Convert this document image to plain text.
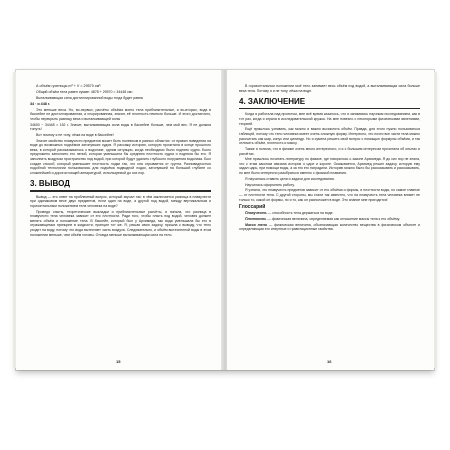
А объём гусеницы m³ + V = 29570 см³.
Общий объём тела равен сумме: 4878 + 29570 = 34448 см³.
Выталкивающая сила дистиллированной воды тогда будет равна
34 · и 448 г.
Это меньше веса. Но, во-первых, расчёты объёма моего тела приблизительные, а во-вторых, вода в бассейне не дистиллированная, а хлорированная, значит, её плотность немного больше. И этого достаточно, чтобы перекрыть разницу веса и выталкивающей силы
34600 − 34448 = 152 г. Значит, выталкивающая сила воды в бассейне больше, чем мой вес. Я не должна тонуть!
Вот почему я не тону, лёжа на воде в бассейне!
Значит свойство плавучести предметов может быть полезным в разных областях: от правил поведения на воде до возможных подъёмов затонувших судов. Я рассажу историю, которую прочитала в конце прошлого века, в которой рассказывалось о водолазе, одним ситуации, когда необходимо было поднять судно. Было предложено заполнить его пеной, которая уменьшила бы среднюю плотность судна и подняла бы его. Я заполнить воздухом пространство под водой, при которой будут удалить глубокого погружения водолаза. Был создан способ, который уменьшает плотность лодки так, что она отрывается от грунта. Разновидностью подобной технологии пользовались для подъёма подводной лодки, затонувшей на большой глубине со сложнейшей и дорогостоящей аппаратурой, используемой до сих пор.
3. ВЫВОД
Вывод — это ответ на проблемный вопрос, который звучал так: в чём заключается разница в плавучести при одинаковом весе двух предметов, если один на воде, а другой под водой, между вертикальным и горизонтальным положением тела человека на воде?
Проведя опыты, теоретические выкладки и приблизительные расчёты, я поняла, что разница в плавучести тела человека зависит от его плотности. Ради того, чтобы плыть под водой, человек должен менять объём и положение тела. В бассейн, который был у Архимеда, мы вода уменьшала бы его в отражающемся принципе в жидкости, принцип тот же. Я, решая свою задачу, пришла к выводу, что тело уходит на воду, потому что вода вытесняет часть воздуха. Следовательно, и объём вытесненной воды в этом положении меньше, чем объём головы. Отсюда меньше выталкивающая сила на тело.
15
В горизонтальном положении моё тело занимает весь объём под водой, а выталкивающая сила больше веса тела. Потому я и не тону, лёжа на воде.
4. ЗАКЛЮЧЕНИЕ
Когда я работала над проектом, мне всё время казалось, что я занимаюсь научным исследованием, как в тот раз, когда я играла в исследовательской кружок. На мне повезло с некоторыми физическими явлениями, теорией.
Ещё пришлось узнавать, как можно и важно вычислить объём. Правда, для этого нужно пользоваться таблицей, потому что тело человека имеет очень сложную форму. Интересно, что почти все части тела можно рассчитать как шар, конус или цилиндр. Но я сумела решить свой вопрос с помощью формулы объёма, и так отличить объём, плотность и массу.
Также я поняла, что в физике очень много интересного, и я с большим интересом прочитала об опытах и расчётах.
Мне пришлось почитать литературу по физике, где говорилось о законе Архимеда. Я до сих пор не знала, что с этим законом связана история о царе и короне. Оказывается, Архимед решил задачу, которую ему задал царь, при помощи воды, а за это его наградили. Историю можно было бы рассказывать и рассказывать, но мне было интересно разобраться именно с физикой плавания.
Я научилась ставить цели и задачи для исследования.
Научилась оформлять работу.
Я узнала, что плавучесть предметов зависит от его объёма и формы, и плотности воды, но самое главное — от плотности тела. С другой стороны, мы стали так известно, что на плавучесть тела человека влияет не только то, какой он формы, но и то, как он расположен в воде. Это знание мне пригодится!
Глоссарий
Плавучесть — способность тела держаться на воде.
Плотность — физическая величина, определяемая как отношение массы тела к его объёму.
Масса тела — физическая величина, обозначающая количество вещества в физическом объекте и определяющая его инертные и гравитационные свойства.
16
